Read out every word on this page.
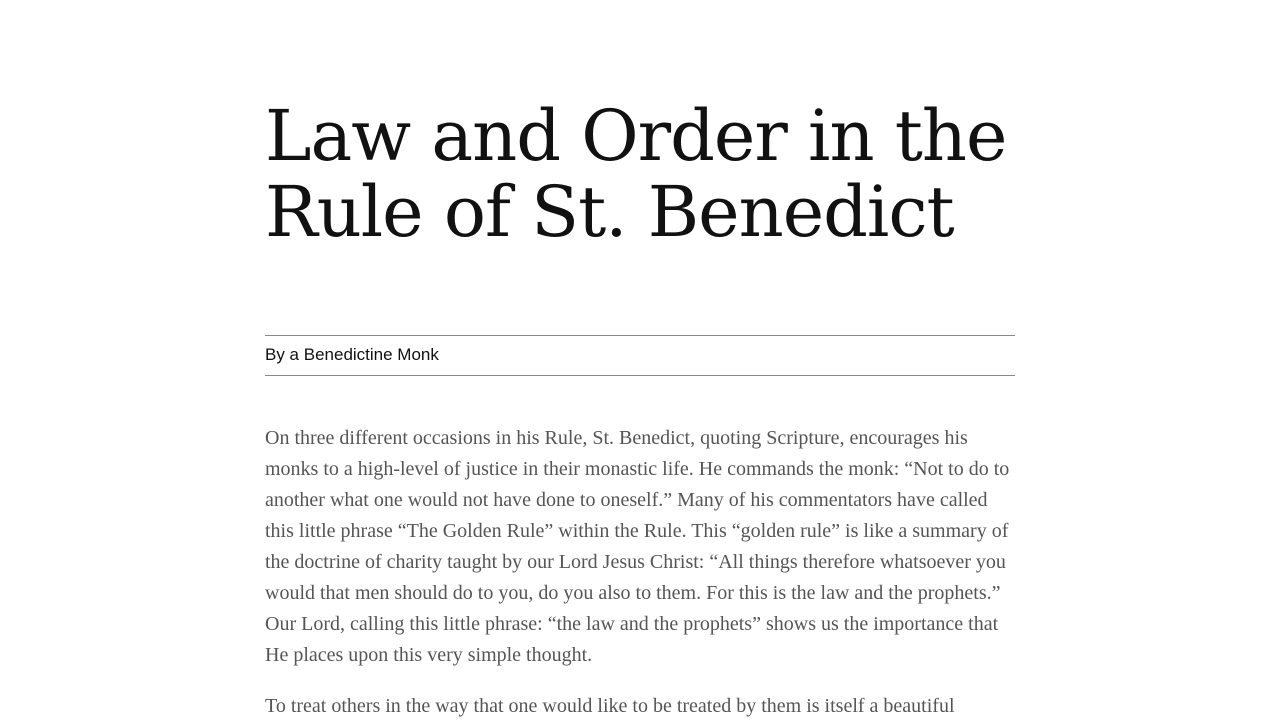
Law and Order in the Rule of St. Benedict
By a Benedictine Monk

On three different occasions in his Rule, St. Benedict, quoting Scripture, encourages his monks to a high-level of justice in their monastic life. He commands the monk: “Not to do to another what one would not have done to oneself.” Many of his commentators have called this little phrase “The Golden Rule” within the Rule. This “golden rule” is like a summary of the doctrine of charity taught by our Lord Jesus Christ: “All things therefore whatsoever you would that men should do to you, do you also to them. For this is the law and the prophets.” Our Lord, calling this little phrase: “the law and the prophets” shows us the importance that He places upon this very simple thought.

To treat others in the way that one would like to be treated by them is itself a beautiful
